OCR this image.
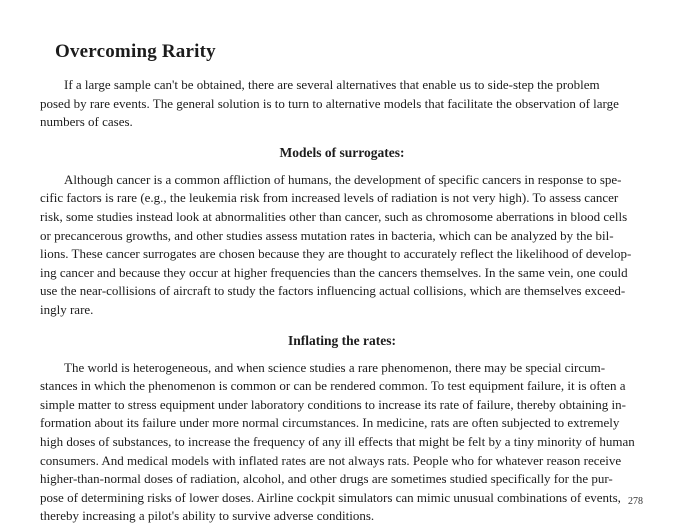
Overcoming Rarity
If a large sample can't be obtained, there are several alternatives that enable us to side-step the problem
posed by rare events. The general solution is to turn to alternative models that facilitate the observation of large
numbers of cases.
Models of surrogates:
Although cancer is a common affliction of humans, the development of specific cancers in response to spe-
cific factors is rare (e.g., the leukemia risk from increased levels of radiation is not very high). To assess cancer
risk, some studies instead look at abnormalities other than cancer, such as chromosome aberrations in blood cells
or precancerous growths, and other studies assess mutation rates in bacteria, which can be analyzed by the bil-
lions. These cancer surrogates are chosen because they are thought to accurately reflect the likelihood of develop-
ing cancer and because they occur at higher frequencies than the cancers themselves. In the same vein, one could
use the near-collisions of aircraft to study the factors influencing actual collisions, which are themselves exceed-
ingly rare.
Inflating the rates:
The world is heterogeneous, and when science studies a rare phenomenon, there may be special circum-
stances in which the phenomenon is common or can be rendered common. To test equipment failure, it is often a
simple matter to stress equipment under laboratory conditions to increase its rate of failure, thereby obtaining in-
formation about its failure under more normal circumstances. In medicine, rats are often subjected to extremely
high doses of substances, to increase the frequency of any ill effects that might be felt by a tiny minority of human
consumers. And medical models with inflated rates are not always rats. People who for whatever reason receive
higher-than-normal doses of radiation, alcohol, and other drugs are sometimes studied specifically for the pur-
pose of determining risks of lower doses. Airline cockpit simulators can mimic unusual combinations of events,
thereby increasing a pilot's ability to survive adverse conditions.
278
